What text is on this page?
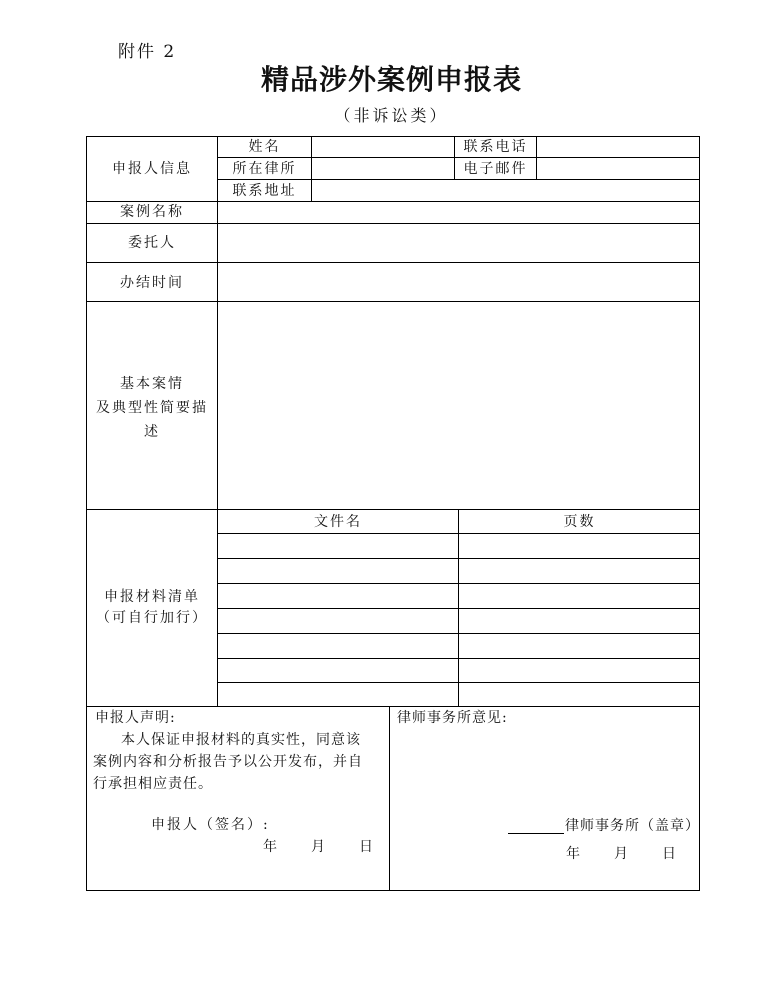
附件 2
精品涉外案例申报表
（非诉讼类）
申报人信息
姓名	联系电话
所在律所	电子邮件
联系地址
案例名称
委托人
办结时间
基本案情
及典型性简要描
述
申报材料清单
（可自行加行）
文件名	页数
申报人声明:
本人保证申报材料的真实性，同意该
案例内容和分析报告予以公开发布，并自
行承担相应责任。
申报人（签名）:
年 月 日
律师事务所意见:
律师事务所（盖章）
年 月 日
